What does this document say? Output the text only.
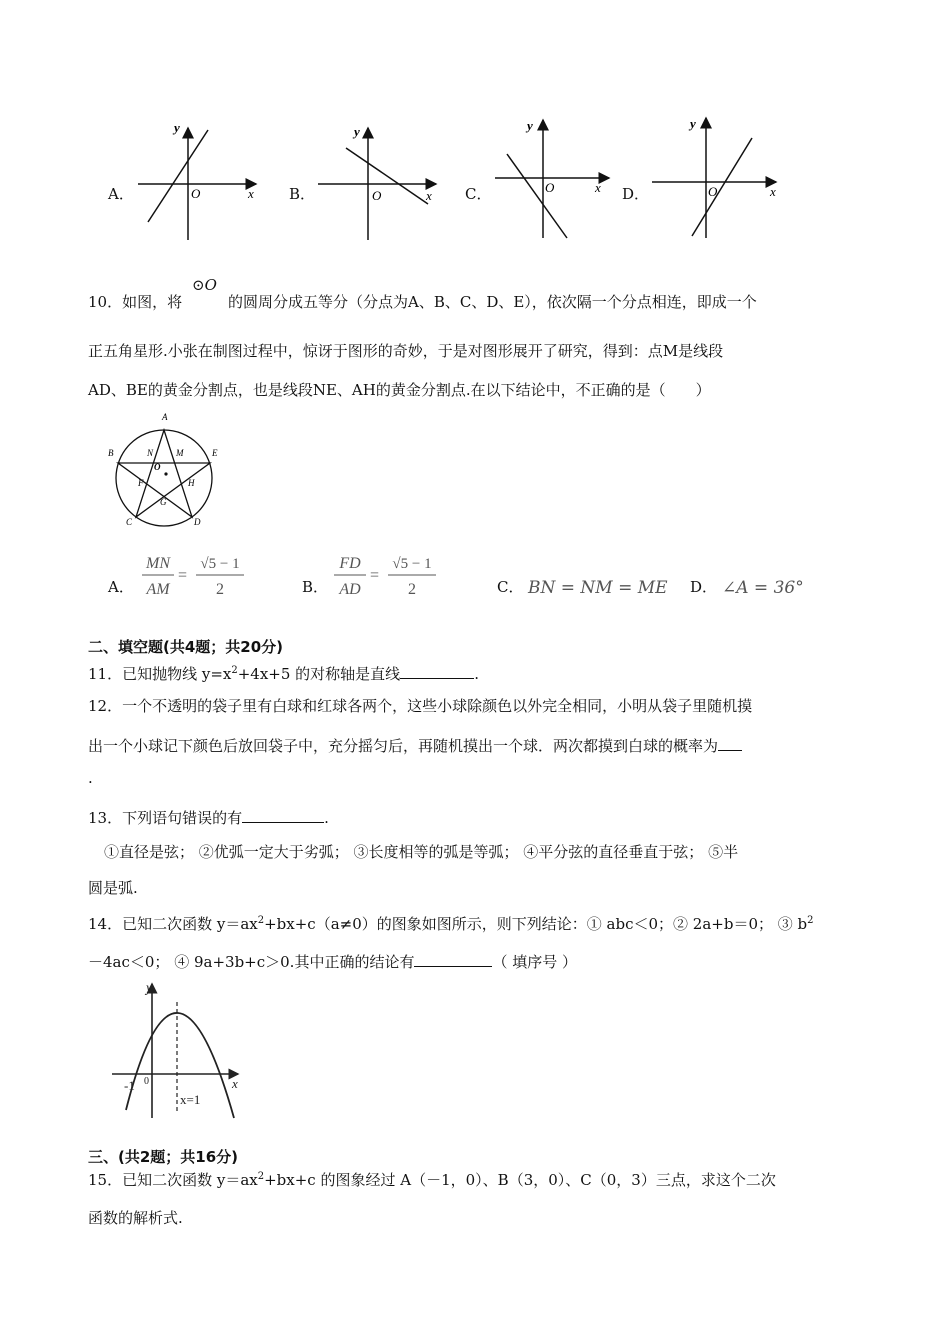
A．
y
x
O	B．
y
x
O	C．
y
x
O	D．
y
x
O
10．如图，将
⊙O
的圆周分成五等分（分点为A、B、C、D、E），依次隔一个分点相连，即成一个
正五角星形.小张在制图过程中，惊讶于图形的奇妙，于是对图形展开了研究，得到：点M是线段
AD、BE的黄金分割点，也是线段NE、AH的黄金分割点.在以下结论中，不正确的是（　　）
A
B	E
C	D
N	M
O
F
G
H
A．
MN
AM
=
√5 − 1
2	B．
FD
AD
=
√5 − 1
2	C． BN = NM = ME D． ∠A = 36°
二、填空题(共4题；共20分)
11．已知抛物线 $y=x^2+4x+5$ 的对称轴是直线	.
12．一个不透明的袋子里有白球和红球各两个，这些小球除颜色以外完全相同，小明从袋子里随机摸
出一个小球记下颜色后放回袋子中，充分摇匀后，再随机摸出一个球．两次都摸到白球的概率为
.
13．下列语句错误的有	.
①直径是弦； ②优弧一定大于劣弧； ③长度相等的弧是等弧； ④平分弦的直径垂直于弦； ⑤半
圆是弧.
14．已知二次函数 $y=ax^2+bx+c(a\ne 0)$的图象如图所示，则下列结论：① abc＜0；② 2a+b＝0； ③ $b^2$
－4ac＜0； ④ 9a+3b+c＞0.其中正确的结论有	（ 填序号 ）
y
x
-1 0
x=1
三、(共2题；共16分)
15．已知二次函数 $y=ax^2+bx+c$ 的图象经过 A（－1，0）、B（3，0）、C（0，3）三点，求这个二次
函数的解析式.
